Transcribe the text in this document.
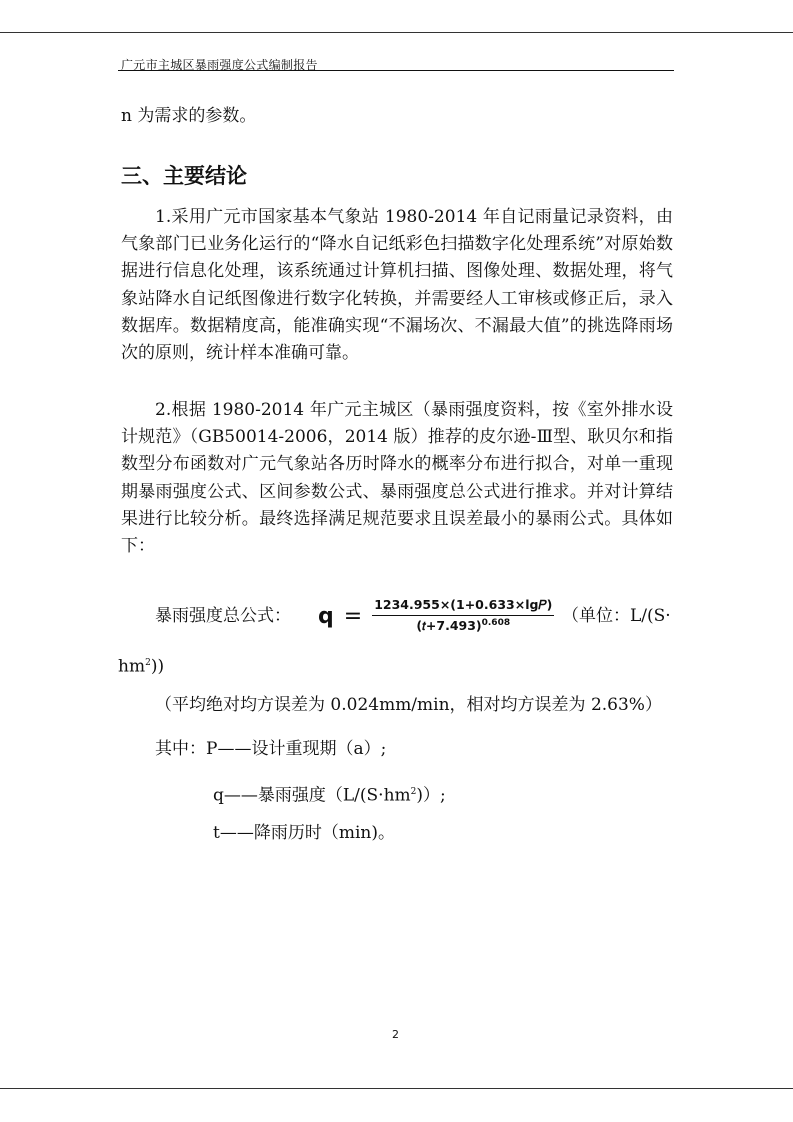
广元市主城区暴雨强度公式编制报告
n 为需求的参数。
三、主要结论
1.采用广元市国家基本气象站 1980-2014 年自记雨量记录资料，由气象部门已业务化运行的“降水自记纸彩色扫描数字化处理系统”对原始数据进行信息化处理，该系统通过计算机扫描、图像处理、数据处理，将气象站降水自记纸图像进行数字化转换，并需要经人工审核或修正后，录入数据库。数据精度高，能准确实现“不漏场次、不漏最大值”的挑选降雨场次的原则，统计样本准确可靠。
2.根据 1980-2014 年广元主城区（暴雨强度资料，按《室外排水设计规范》（GB50014-2006，2014 版）推荐的皮尔逊-Ⅲ型、耿贝尔和指数型分布函数对广元气象站各历时降水的概率分布进行拟合，对单一重现期暴雨强度公式、区间参数公式、暴雨强度总公式进行推求。并对计算结果进行比较分析。最终选择满足规范要求且误差最小的暴雨公式。具体如下：
暴雨强度总公式： $q = \frac{\text{1234.955×(1+0.633×lg𝑃)}}{(𝑡+7.493)^{0.608}}$ （单位：L/(S·
$hm^2$))
（平均绝对均方误差为 0.024mm/min，相对均方误差为 2.63%）
其中：P——设计重现期（a）;
q——暴雨强度$(L/(S\cdot hm^2))$;
t——降雨历时（min)。
2
